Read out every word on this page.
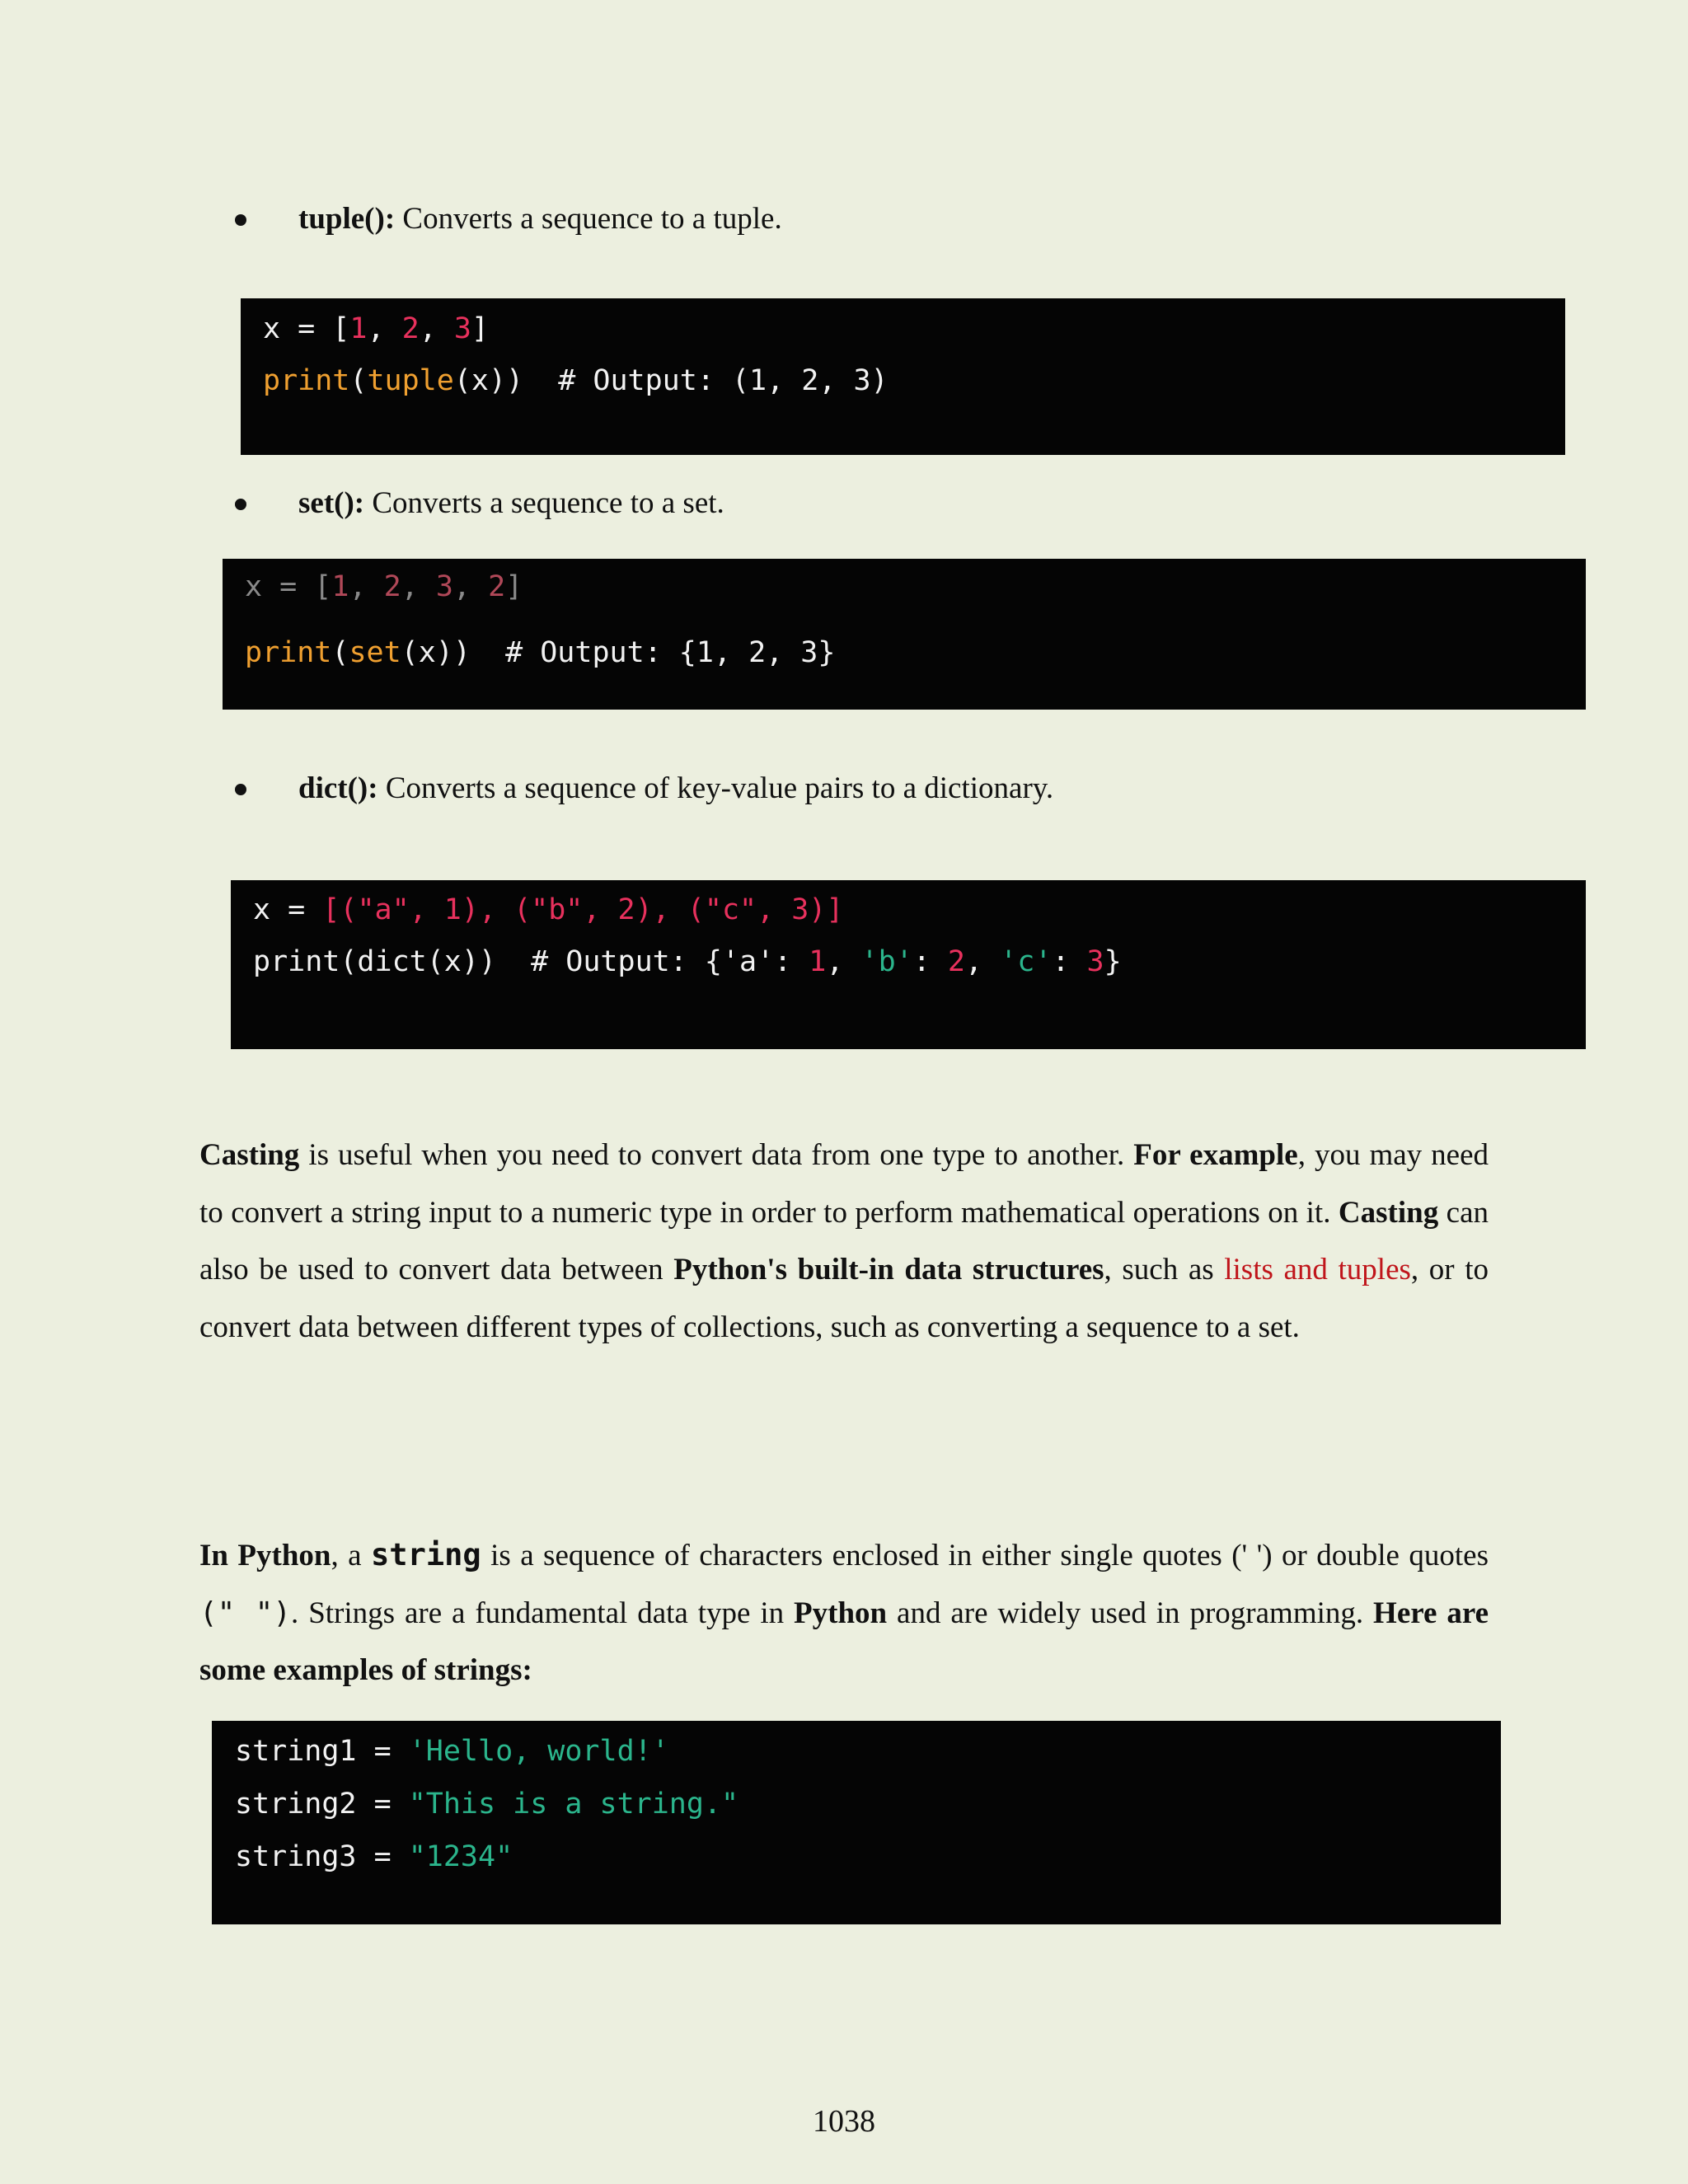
tuple(): Converts a sequence to a tuple.

x = [1, 2, 3]

print(tuple(x))  # Output: (1, 2, 3)

set(): Converts a sequence to a set.

x = [1, 2, 3, 2]

print(set(x))  # Output: {1, 2, 3}

dict(): Converts a sequence of key-value pairs to a dictionary.

x = [("a", 1), ("b", 2), ("c", 3)]

print(dict(x))  # Output: {'a': 1, 'b': 2, 'c': 3}

Casting is useful when you need to convert data from one type to another. For example, you may need to convert a string input to a numeric type in order to perform mathematical operations on it. Casting can also be used to convert data between Python's built-in data structures, such as lists and tuples, or to convert data between different types of collections, such as converting a sequence to a set.
In Python, a string is a sequence of characters enclosed in either single quotes (' ') or double quotes (" "). Strings are a fundamental data type in Python and are widely used in programming. Here are some examples of strings:

string1 = 'Hello, world!'

string2 = "This is a string."

string3 = "1234"

1038
